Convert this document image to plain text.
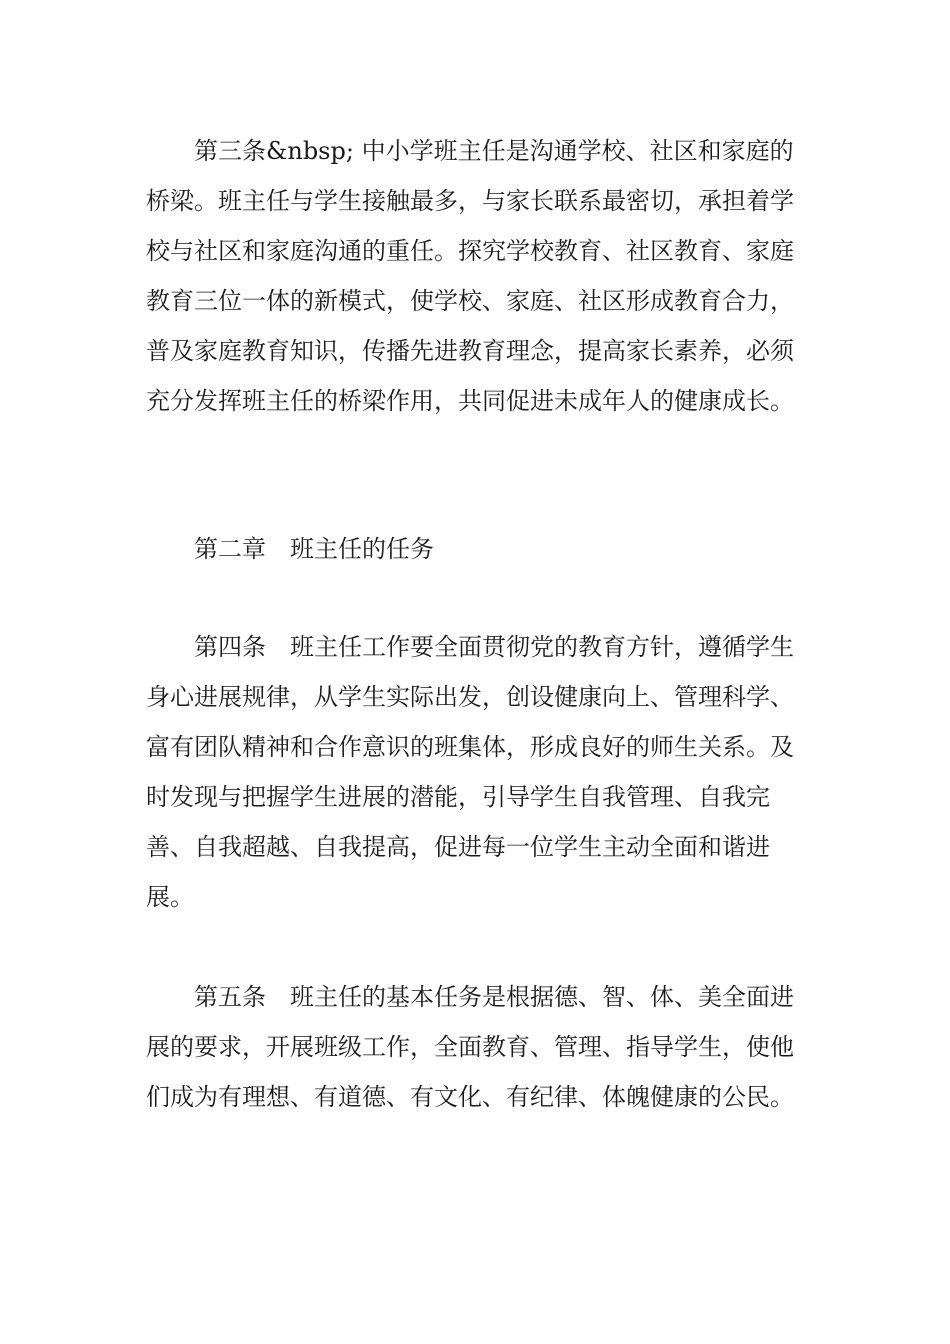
第三条&nbsp; 中小学班主任是沟通学校、社区和家庭的桥梁。班主任与学生接触最多，与家长联系最密切，承担着学校与社区和家庭沟通的重任。探究学校教育、社区教育、家庭教育三位一体的新模式，使学校、家庭、社区形成教育合力，普及家庭教育知识，传播先进教育理念，提高家长素养，必须充分发挥班主任的桥梁作用，共同促进未成年人的健康成长。

第二章　班主任的任务

第四条　班主任工作要全面贯彻党的教育方针，遵循学生身心进展规律，从学生实际出发，创设健康向上、管理科学、富有团队精神和合作意识的班集体，形成良好的师生关系。及时发现与把握学生进展的潜能，引导学生自我管理、自我完善、自我超越、自我提高，促进每一位学生主动全面和谐进展。

第五条　班主任的基本任务是根据德、智、体、美全面进展的要求，开展班级工作，全面教育、管理、指导学生，使他们成为有理想、有道德、有文化、有纪律、体魄健康的公民。
